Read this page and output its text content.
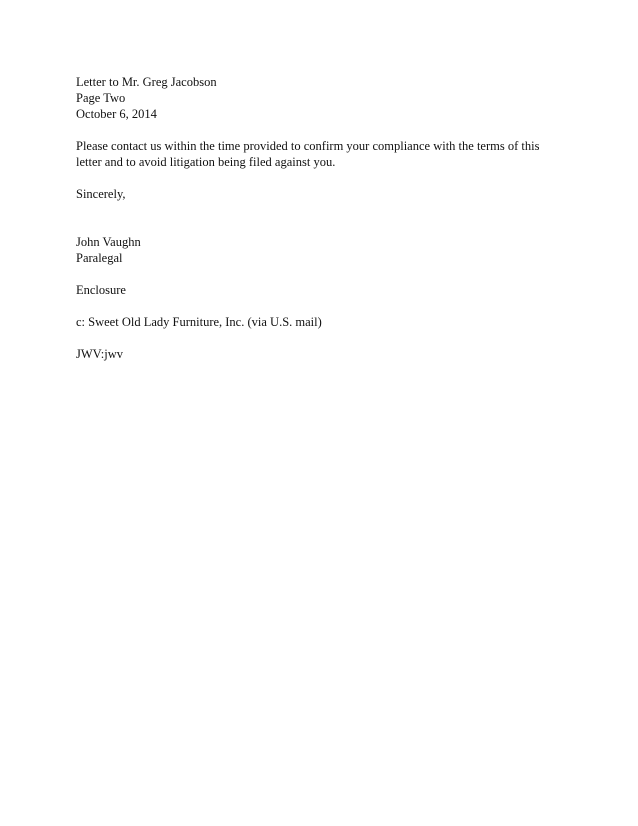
Letter to Mr. Greg Jacobson
Page Two
October 6, 2014
Please contact us within the time provided to confirm your compliance with the terms of this
letter and to avoid litigation being filed against you.
Sincerely,
John Vaughn
Paralegal
Enclosure
c: Sweet Old Lady Furniture, Inc. (via U.S. mail)
JWV:jwv
